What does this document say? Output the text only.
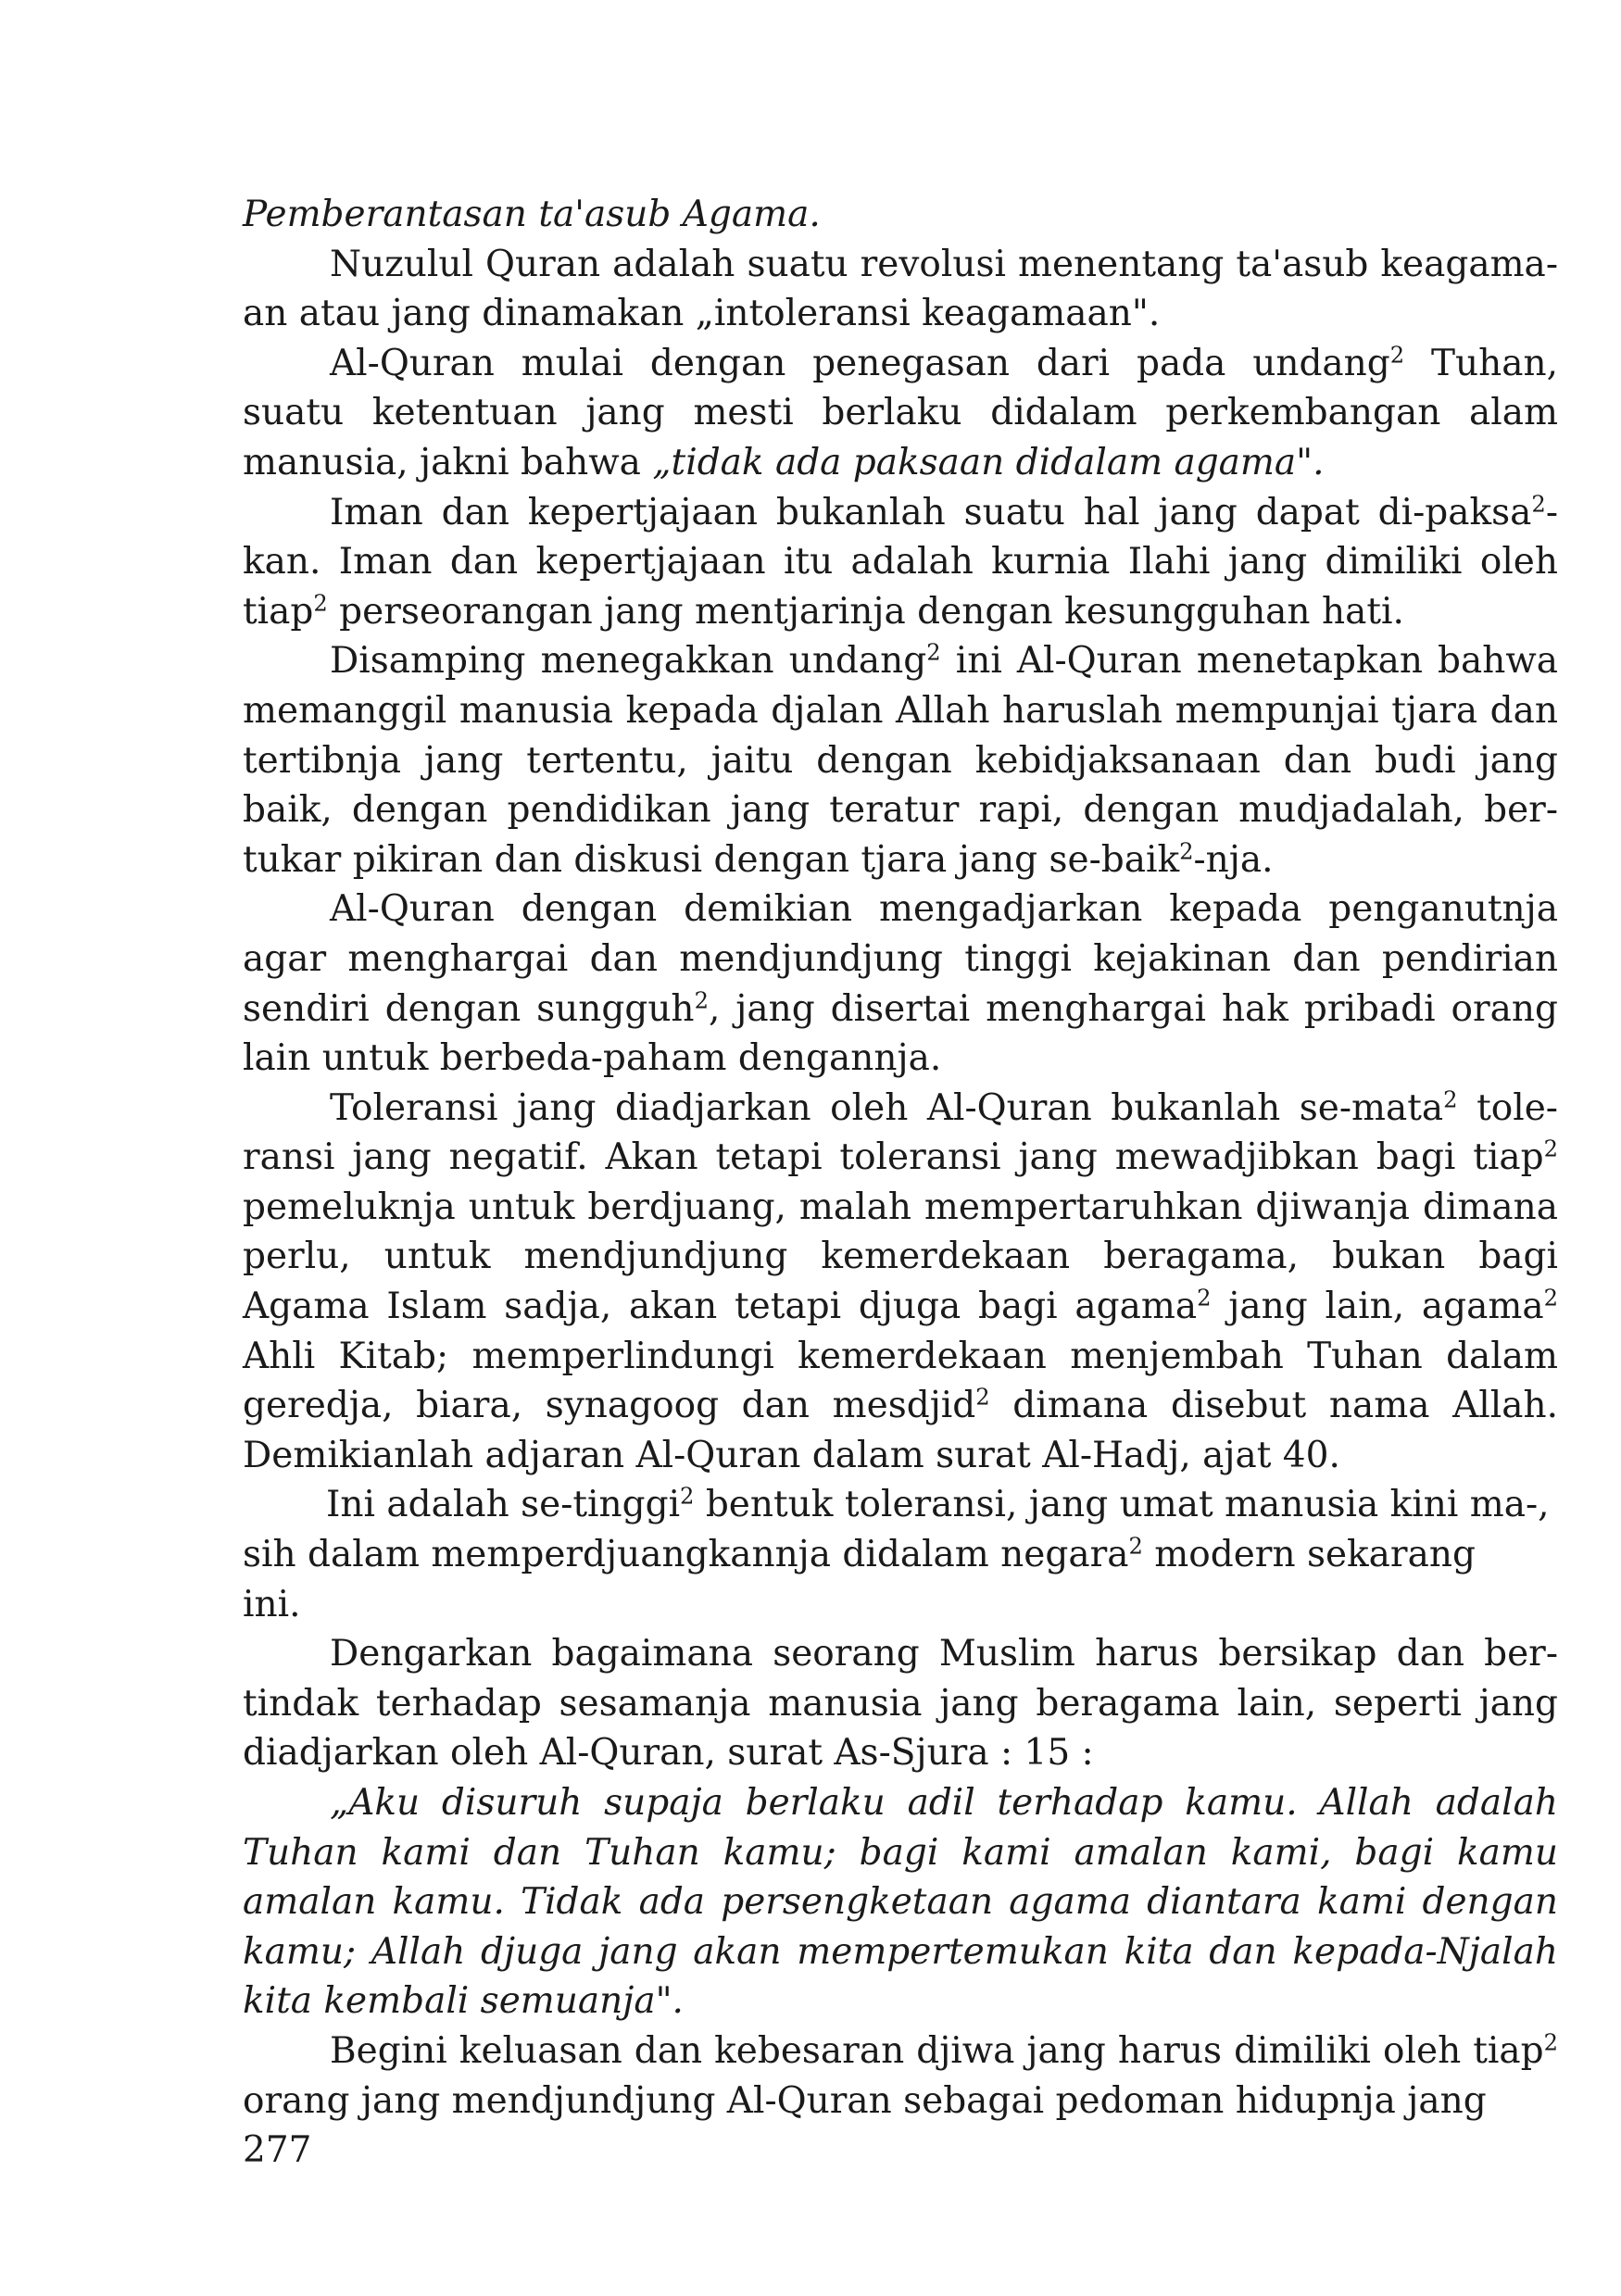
Pemberantasan ta'asub Agama.

Nuzulul Quran adalah suatu revolusi menentang ta'asub keagamaan atau jang dinamakan „intoleransi keagamaan".

Al-Quran mulai dengan penegasan dari pada undang$^2$ Tuhan, suatu ketentuan jang mesti berlaku didalam perkembangan alam manusia, jakni bahwa „tidak ada paksaan didalam agama".

Iman dan kepertjajaan bukanlah suatu hal jang dapat di-paksa$^2$-kan. Iman dan kepertjajaan itu adalah kurnia Ilahi jang dimiliki oleh tiap$^2$ perseorangan jang mentjarinja dengan kesungguhan hati.

Disamping menegakkan undang$^2$ ini Al-Quran menetapkan bahwa memanggil manusia kepada djalan Allah haruslah mempunjai tjara dan tertibnja jang tertentu, jaitu dengan kebidjaksanaan dan budi jang baik, dengan pendidikan jang teratur rapi, dengan mudjadalah, bertukar pikiran dan diskusi dengan tjara jang se-baik$^2$-nja.

Al-Quran dengan demikian mengadjarkan kepada penganutnja agar menghargai dan mendjundjung tinggi kejakinan dan pendirian sendiri dengan sungguh$^2$, jang disertai menghargai hak pribadi orang lain untuk berbeda-paham dengannja.

Toleransi jang diadjarkan oleh Al-Quran bukanlah se-mata$^2$ toleransi jang negatif. Akan tetapi toleransi jang mewadjibkan bagi tiap$^2$ pemeluknja untuk berdjuang, malah mempertaruhkan djiwanja dimana perlu, untuk mendjundjung kemerdekaan beragama, bukan bagi Agama Islam sadja, akan tetapi djuga bagi agama$^2$ jang lain, agama$^2$ Ahli Kitab; memperlindungi kemerdekaan menjembah Tuhan dalam geredja, biara, synagoog dan mesdjid$^2$ dimana disebut nama Allah. Demikianlah adjaran Al-Quran dalam surat Al-Hadj, ajat 40.

Ini adalah se-tinggi$^2$ bentuk toleransi, jang umat manusia kini ma-,
sih dalam memperdjuangkannja didalam negara$^2$ modern sekarang
ini.

Dengarkan bagaimana seorang Muslim harus bersikap dan bertindak terhadap sesamanja manusia jang beragama lain, seperti jang diadjarkan oleh Al-Quran, surat As-Sjura : 15 :

„Aku disuruh supaja berlaku adil terhadap kamu. Allah adalah Tuhan kami dan Tuhan kamu; bagi kami amalan kami, bagi kamu amalan kamu. Tidak ada persengketaan agama diantara kami dengan kamu; Allah djuga jang akan mempertemukan kita dan kepada-Njalah kita kembali semuanja".

Begini keluasan dan kebesaran djiwa jang harus dimiliki oleh tiap$^2$ orang jang mendjundjung Al-Quran sebagai pedoman hidupnja jang

277
